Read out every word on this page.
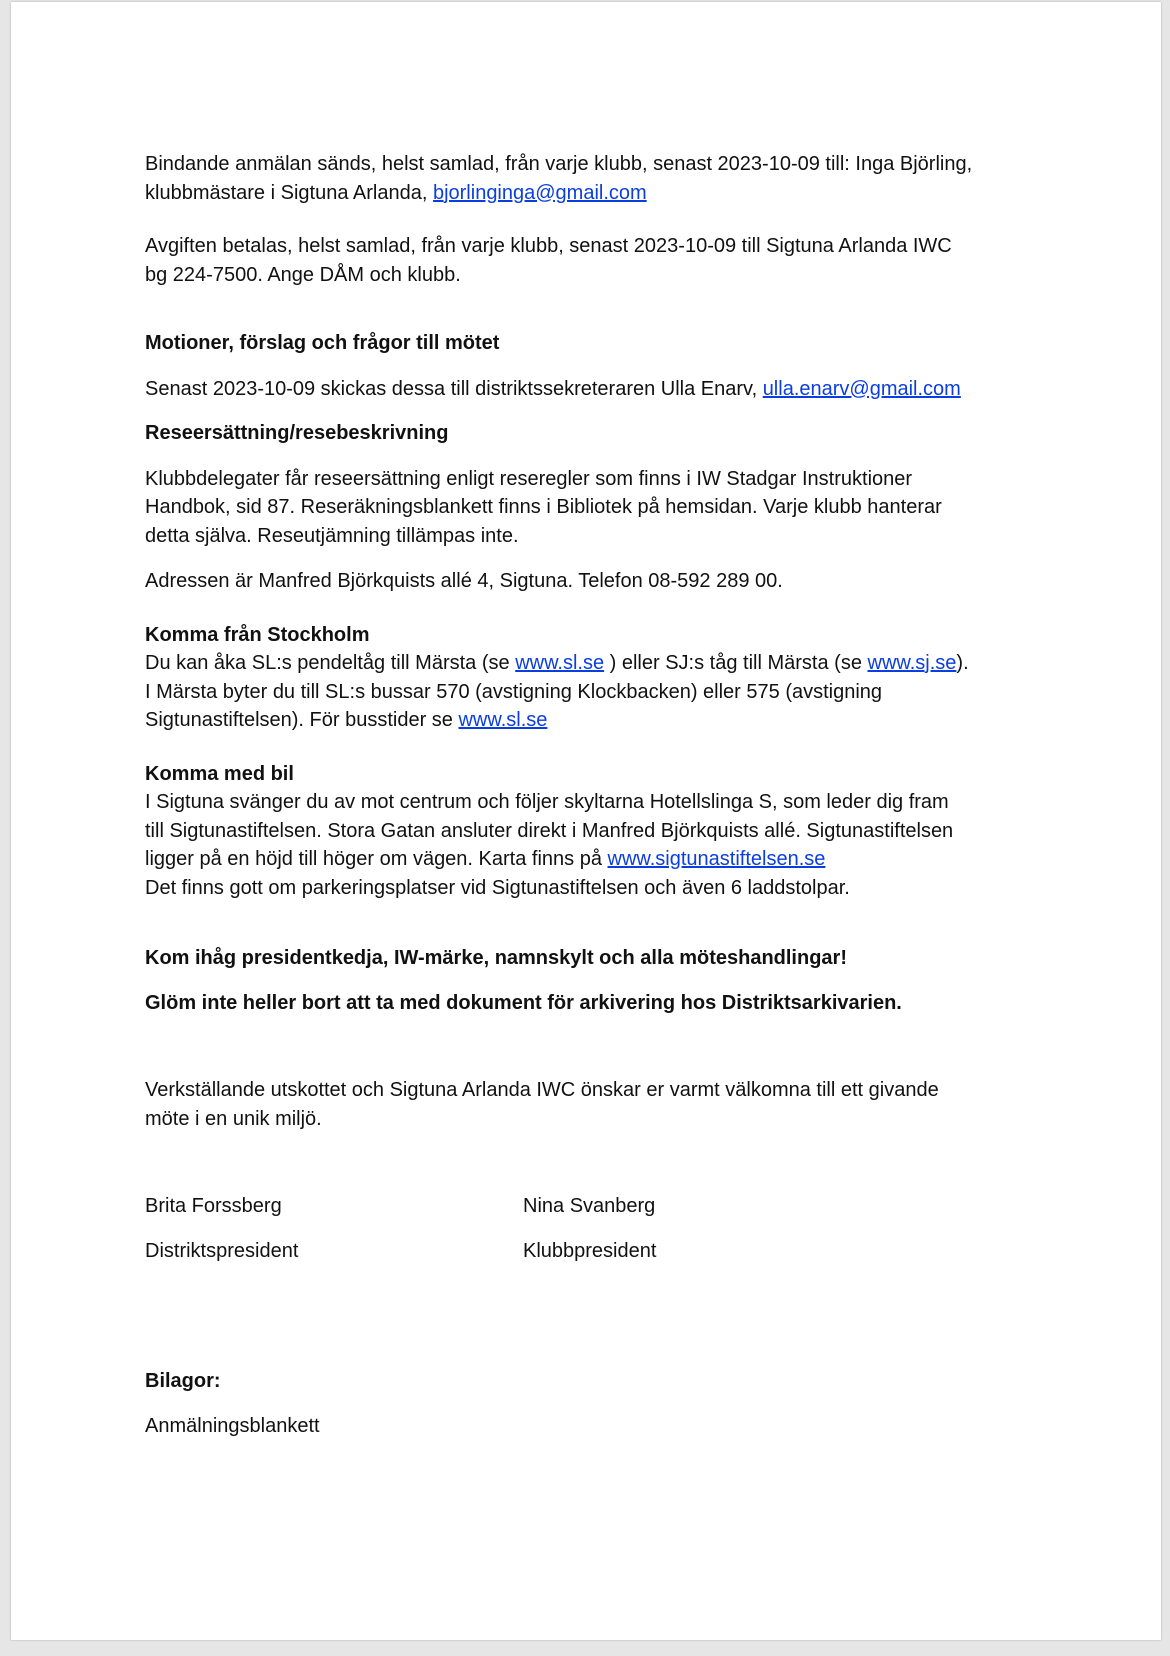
Bindande anmälan sänds, helst samlad, från varje klubb, senast 2023-10-09 till: Inga Björling,
klubbmästare i Sigtuna Arlanda, bjorlinginga@gmail.com

Avgiften betalas, helst samlad, från varje klubb, senast 2023-10-09 till Sigtuna Arlanda IWC
bg 224-7500. Ange DÅM och klubb.

Motioner, förslag och frågor till mötet

Senast 2023-10-09 skickas dessa till distriktssekreteraren Ulla Enarv, ulla.enarv@gmail.com

Reseersättning/resebeskrivning

Klubbdelegater får reseersättning enligt reseregler som finns i IW Stadgar Instruktioner
Handbok, sid 87. Reseräkningsblankett finns i Bibliotek på hemsidan. Varje klubb hanterar
detta själva. Reseutjämning tillämpas inte.

Adressen är Manfred Björkquists allé 4, Sigtuna. Telefon 08-592 289 00.

Komma från Stockholm
Du kan åka SL:s pendeltåg till Märsta (se www.sl.se ) eller SJ:s tåg till Märsta (se www.sj.se).
I Märsta byter du till SL:s bussar 570 (avstigning Klockbacken) eller 575 (avstigning
Sigtunastiftelsen). För busstider se www.sl.se

Komma med bil
I Sigtuna svänger du av mot centrum och följer skyltarna Hotellslinga S, som leder dig fram
till Sigtunastiftelsen. Stora Gatan ansluter direkt i Manfred Björkquists allé. Sigtunastiftelsen
ligger på en höjd till höger om vägen. Karta finns på www.sigtunastiftelsen.se
Det finns gott om parkeringsplatser vid Sigtunastiftelsen och även 6 laddstolpar.

Kom ihåg presidentkedja, IW-märke, namnskylt och alla möteshandlingar!

Glöm inte heller bort att ta med dokument för arkivering hos Distriktsarkivarien.

Verkställande utskottet och Sigtuna Arlanda IWC önskar er varmt välkomna till ett givande
möte i en unik miljö.

Brita Forssberg	Nina Svanberg
Distriktspresident	Klubbpresident

Bilagor:

Anmälningsblankett
